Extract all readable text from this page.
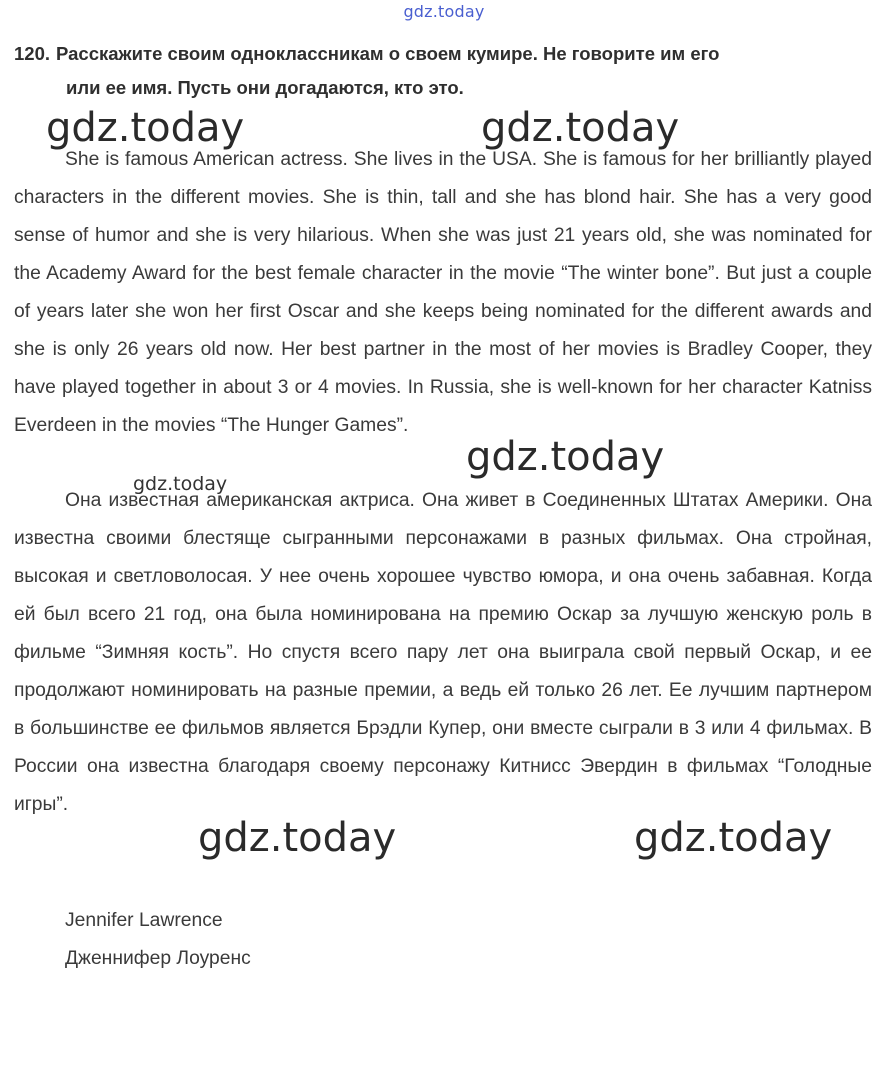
gdz.today
120. Расскажите своим одноклассникам о своем кумире. Не говорите им его
или ее имя. Пусть они догадаются, кто это.

She is famous American actress. She lives in the USA. She is famous for her brilliantly played characters in the different movies. She is thin, tall and she has blond hair. She has a very good sense of humor and she is very hilarious. When she was just 21 years old, she was nominated for the Academy Award for the best female character in the movie “The winter bone”. But just a couple of years later she won her first Oscar and she keeps being nominated for the different awards and she is only 26 years old now. Her best partner in the most of her movies is Bradley Cooper, they have played together in about 3 or 4 movies. In Russia, she is well-known for her character Katniss Everdeen in the movies “The Hunger Games”.

Она известная американская актриса. Она живет в Соединенных Штатах Америки. Она известна своими блестяще сыгранными персонажами в разных фильмах. Она стройная, высокая и светловолосая. У нее очень хорошее чувство юмора, и она очень забавная. Когда ей был всего 21 год, она была номинирована на премию Оскар за лучшую женскую роль в фильме “Зимняя кость”. Но спустя всего пару лет она выиграла свой первый Оскар, и ее продолжают номинировать на разные премии, а ведь ей только 26 лет. Ее лучшим партнером в большинстве ее фильмов является Брэдли Купер, они вместе сыграли в 3 или 4 фильмах. В России она известна благодаря своему персонажу Китнисс Эвердин в фильмах “Голодные игры”.

Jennifer Lawrence
Дженнифер Лоуренс
gdz.today	gdz.today
gdz.today
gdz.today
gdz.today	gdz.today
